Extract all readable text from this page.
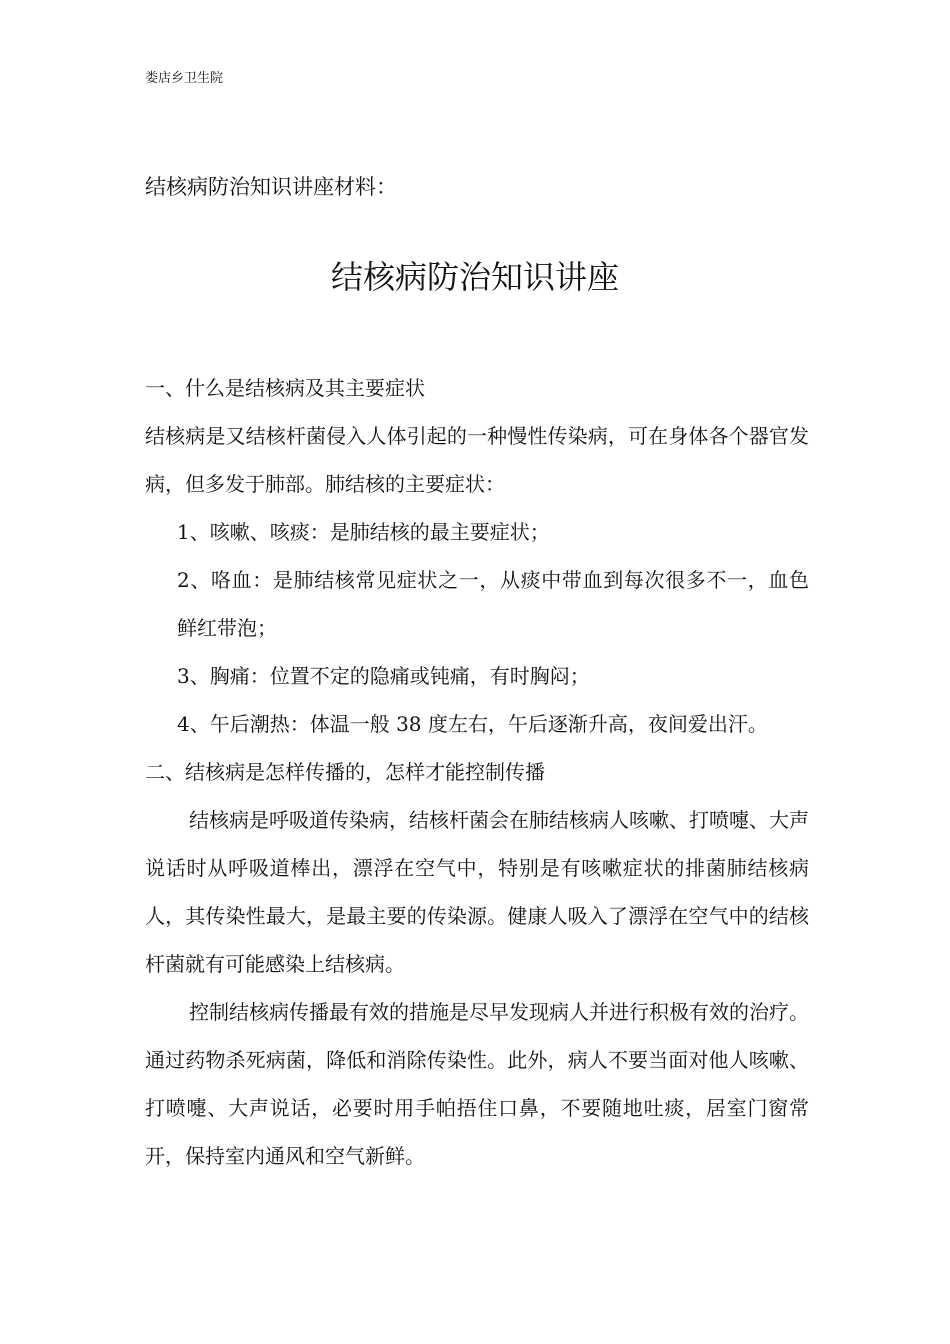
娄店乡卫生院
结核病防治知识讲座材料：
结核病防治知识讲座

一、什么是结核病及其主要症状

结核病是又结核杆菌侵入人体引起的一种慢性传染病，可在身体各个器官发病，但多发于肺部。肺结核的主要症状：

1、咳嗽、咳痰：是肺结核的最主要症状；

2、咯血：是肺结核常见症状之一，从痰中带血到每次很多不一，血色鲜红带泡；

3、胸痛：位置不定的隐痛或钝痛，有时胸闷；

4、午后潮热：体温一般 38 度左右，午后逐渐升高，夜间爱出汗。

二、结核病是怎样传播的，怎样才能控制传播

结核病是呼吸道传染病，结核杆菌会在肺结核病人咳嗽、打喷嚏、大声说话时从呼吸道棒出，漂浮在空气中，特别是有咳嗽症状的排菌肺结核病人，其传染性最大，是最主要的传染源。健康人吸入了漂浮在空气中的结核杆菌就有可能感染上结核病。

控制结核病传播最有效的措施是尽早发现病人并进行积极有效的治疗。通过药物杀死病菌，降低和消除传染性。此外，病人不要当面对他人咳嗽、打喷嚏、大声说话，必要时用手帕捂住口鼻，不要随地吐痰，居室门窗常开，保持室内通风和空气新鲜。
